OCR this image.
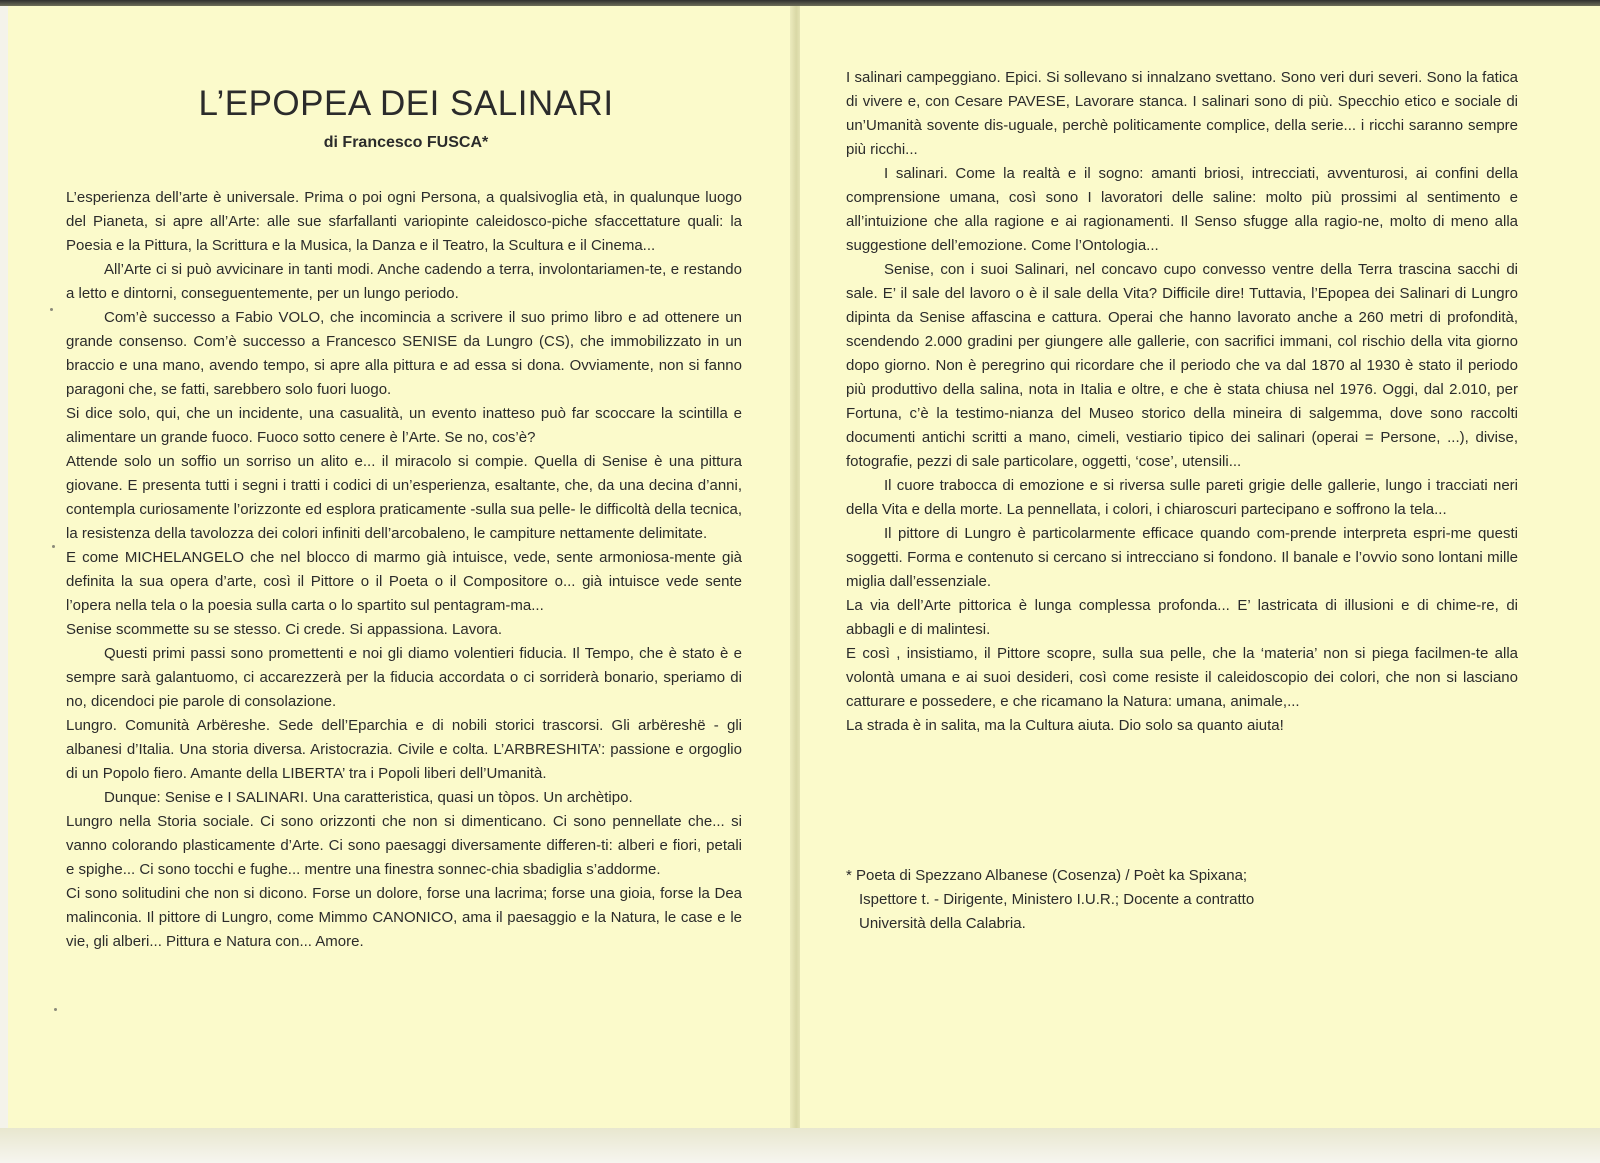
L’EPOPEA DEI SALINARI
di Francesco FUSCA*

L’esperienza dell’arte è universale. Prima o poi ogni Persona, a qualsivoglia età, in qualunque luogo del Pianeta, si apre all’Arte: alle sue sfarfallanti variopinte caleidosco-piche sfaccettature quali: la Poesia e la Pittura, la Scrittura e la Musica, la Danza e il Teatro, la Scultura e il Cinema...

All’Arte ci si può avvicinare in tanti modi. Anche cadendo a terra, involontariamen-te, e restando a letto e dintorni, conseguentemente, per un lungo periodo.

Com’è successo a Fabio VOLO, che incomincia a scrivere il suo primo libro e ad ottenere un grande consenso. Com’è successo a Francesco SENISE da Lungro (CS), che immobilizzato in un braccio e una mano, avendo tempo, si apre alla pittura e ad essa si dona. Ovviamente, non si fanno paragoni che, se fatti, sarebbero solo fuori luogo.

Si dice solo, qui, che un incidente, una casualità, un evento inatteso può far scoccare la scintilla e alimentare un grande fuoco. Fuoco sotto cenere è l’Arte. Se no, cos’è?

Attende solo un soffio un sorriso un alito e... il miracolo si compie. Quella di Senise è una pittura giovane. E presenta tutti i segni i tratti i codici di un’esperienza, esaltante, che, da una decina d’anni, contempla curiosamente l’orizzonte ed esplora praticamente -sulla sua pelle- le difficoltà della tecnica, la resistenza della tavolozza dei colori infiniti dell’arcobaleno, le campiture nettamente delimitate.

E come MICHELANGELO che nel blocco di marmo già intuisce, vede, sente armoniosa-mente già definita la sua opera d’arte, così il Pittore o il Poeta o il Compositore o... già intuisce vede sente l’opera nella tela o la poesia sulla carta o lo spartito sul pentagram-ma...

Senise scommette su se stesso. Ci crede. Si appassiona. Lavora.

Questi primi passi sono promettenti e noi gli diamo volentieri fiducia. Il Tempo, che è stato è e sempre sarà galantuomo, ci accarezzerà per la fiducia accordata o ci sorriderà bonario, speriamo di no, dicendoci pie parole di consolazione.

Lungro. Comunità Arbëreshe. Sede dell’Eparchia e di nobili storici trascorsi. Gli arbëreshë - gli albanesi d’Italia. Una storia diversa. Aristocrazia. Civile e colta. L’ARBRESHITA’: passione e orgoglio di un Popolo fiero. Amante della LIBERTA’ tra i Popoli liberi dell’Umanità.

Dunque: Senise e I SALINARI. Una caratteristica, quasi un tòpos. Un archètipo.

Lungro nella Storia sociale. Ci sono orizzonti che non si dimenticano. Ci sono pennellate che... si vanno colorando plasticamente d’Arte. Ci sono paesaggi diversamente differen-ti: alberi e fiori, petali e spighe... Ci sono tocchi e fughe... mentre una finestra sonnec-chia sbadiglia s’addorme.

Ci sono solitudini che non si dicono. Forse un dolore, forse una lacrima; forse una gioia, forse la Dea malinconia. Il pittore di Lungro, come Mimmo CANONICO, ama il paesaggio e la Natura, le case e le vie, gli alberi... Pittura e Natura con... Amore.

I salinari campeggiano. Epici. Si sollevano si innalzano svettano. Sono veri duri severi. Sono la fatica di vivere e, con Cesare PAVESE, Lavorare stanca. I salinari sono di più. Specchio etico e sociale di un’Umanità sovente dis-uguale, perchè politicamente complice, della serie... i ricchi saranno sempre più ricchi...

I salinari. Come la realtà e il sogno: amanti briosi, intrecciati, avventurosi, ai confini della comprensione umana, così sono I lavoratori delle saline: molto più prossimi al sentimento e all’intuizione che alla ragione e ai ragionamenti. Il Senso sfugge alla ragio-ne, molto di meno alla suggestione dell’emozione. Come l’Ontologia...

Senise, con i suoi Salinari, nel concavo cupo convesso ventre della Terra trascina sacchi di sale. E’ il sale del lavoro o è il sale della Vita? Difficile dire! Tuttavia, l’Epopea dei Salinari di Lungro dipinta da Senise affascina e cattura. Operai che hanno lavorato anche a 260 metri di profondità, scendendo 2.000 gradini per giungere alle gallerie, con sacrifici immani, col rischio della vita giorno dopo giorno. Non è peregrino qui ricordare che il periodo che va dal 1870 al 1930 è stato il periodo più produttivo della salina, nota in Italia e oltre, e che è stata chiusa nel 1976. Oggi, dal 2.010, per Fortuna, c’è la testimo-nianza del Museo storico della mineira di salgemma, dove sono raccolti documenti antichi scritti a mano, cimeli, vestiario tipico dei salinari (operai = Persone, ...), divise, fotografie, pezzi di sale particolare, oggetti, ‘cose’, utensili...

Il cuore trabocca di emozione e si riversa sulle pareti grigie delle gallerie, lungo i tracciati neri della Vita e della morte. La pennellata, i colori, i chiaroscuri partecipano e soffrono la tela...

Il pittore di Lungro è particolarmente efficace quando com-prende interpreta espri-me questi soggetti. Forma e contenuto si cercano si intrecciano si fondono. Il banale e l’ovvio sono lontani mille miglia dall’essenziale.

La via dell’Arte pittorica è lunga complessa profonda... E’ lastricata di illusioni e di chime-re, di abbagli e di malintesi.

E così , insistiamo, il Pittore scopre, sulla sua pelle, che la ‘materia’ non si piega facilmen-te alla volontà umana e ai suoi desideri, così come resiste il caleidoscopio dei colori, che non si lasciano catturare e possedere, e che ricamano la Natura: umana, animale,...

La strada è in salita, ma la Cultura aiuta. Dio solo sa quanto aiuta!

* Poeta di Spezzano Albanese (Cosenza) / Poèt ka Spixana;
Ispettore t. - Dirigente, Ministero I.U.R.; Docente a contratto
Università della Calabria.
